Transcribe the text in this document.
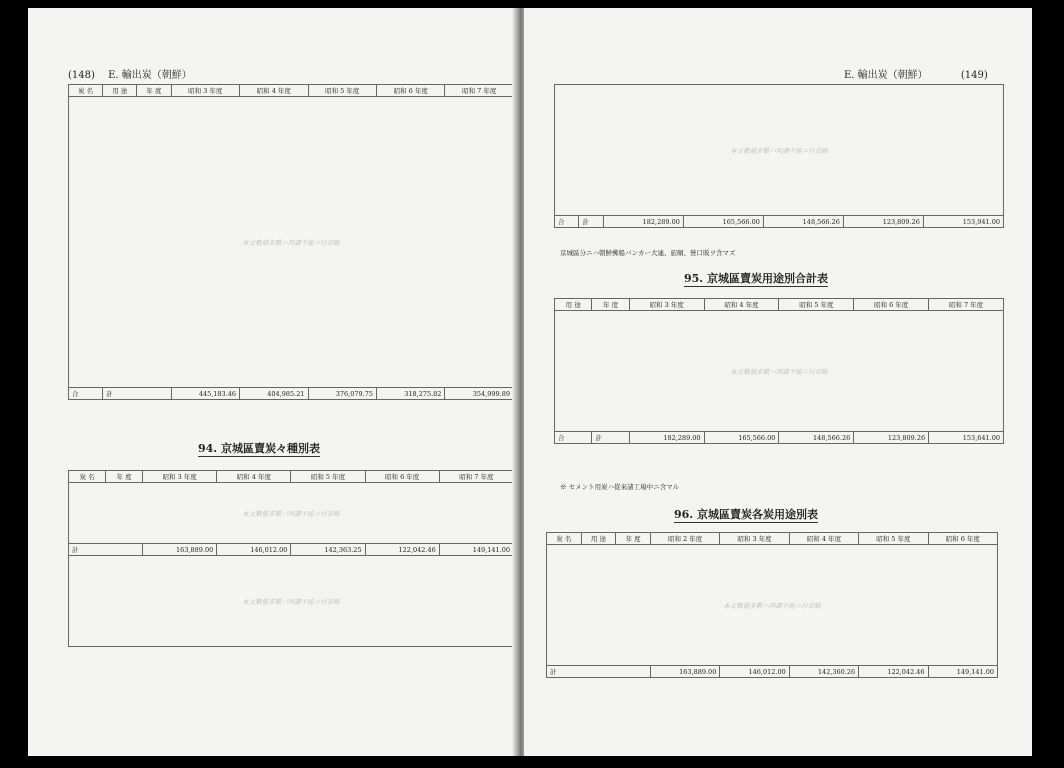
(148) E. 輸出炭（朝鮮）
炭 名	用 途	年 度	昭和 3 年度	昭和 4 年度	昭和 5 年度	昭和 6 年度	昭和 7 年度
本文數値多數ハ判讀不能ニ付省略							
合	計		445,183.46	404,985.21	376,079.75	318,275.82	354,999.89
94. 京城區賣炭々種別表
炭 名	年 度	昭和 3 年度	昭和 4 年度	昭和 5 年度	昭和 6 年度	昭和 7 年度
本文數値多數ハ判讀不能ニ付省略						
計		163,889.00	146,012.00	142,363.25	122,042.46	149,141.00
本文數値多數ハ判讀不能ニ付省略						
E. 輸出炭（朝鮮）	(149)
本文數値多數ハ判讀不能ニ付省略
合	計	182,289.00	165,566.00	148,566.26	123,809.26	153,941.00
京城區分ニハ朝鮮郵船バンカー大連、旅順、營口販ヲ含マズ
95. 京城區賣炭用途別合計表
用 途	年 度	昭和 3 年度	昭和 4 年度	昭和 5 年度	昭和 6 年度	昭和 7 年度
本文數値多數ハ判讀不能ニ付省略						
合	計	182,289.00	165,566.00	148,566.26	123,809.26	153,641.00
※ セメント用炭ハ從來諸工場中ニ含マル
96. 京城區賣炭各炭用途別表
炭 名	用 途	年 度	昭和 2 年度	昭和 3 年度	昭和 4 年度	昭和 5 年度	昭和 6 年度
本文數値多數ハ判讀不能ニ付省略							
計			163,889.00	146,012.00	142,360.26	122,042.46	149,141.00
